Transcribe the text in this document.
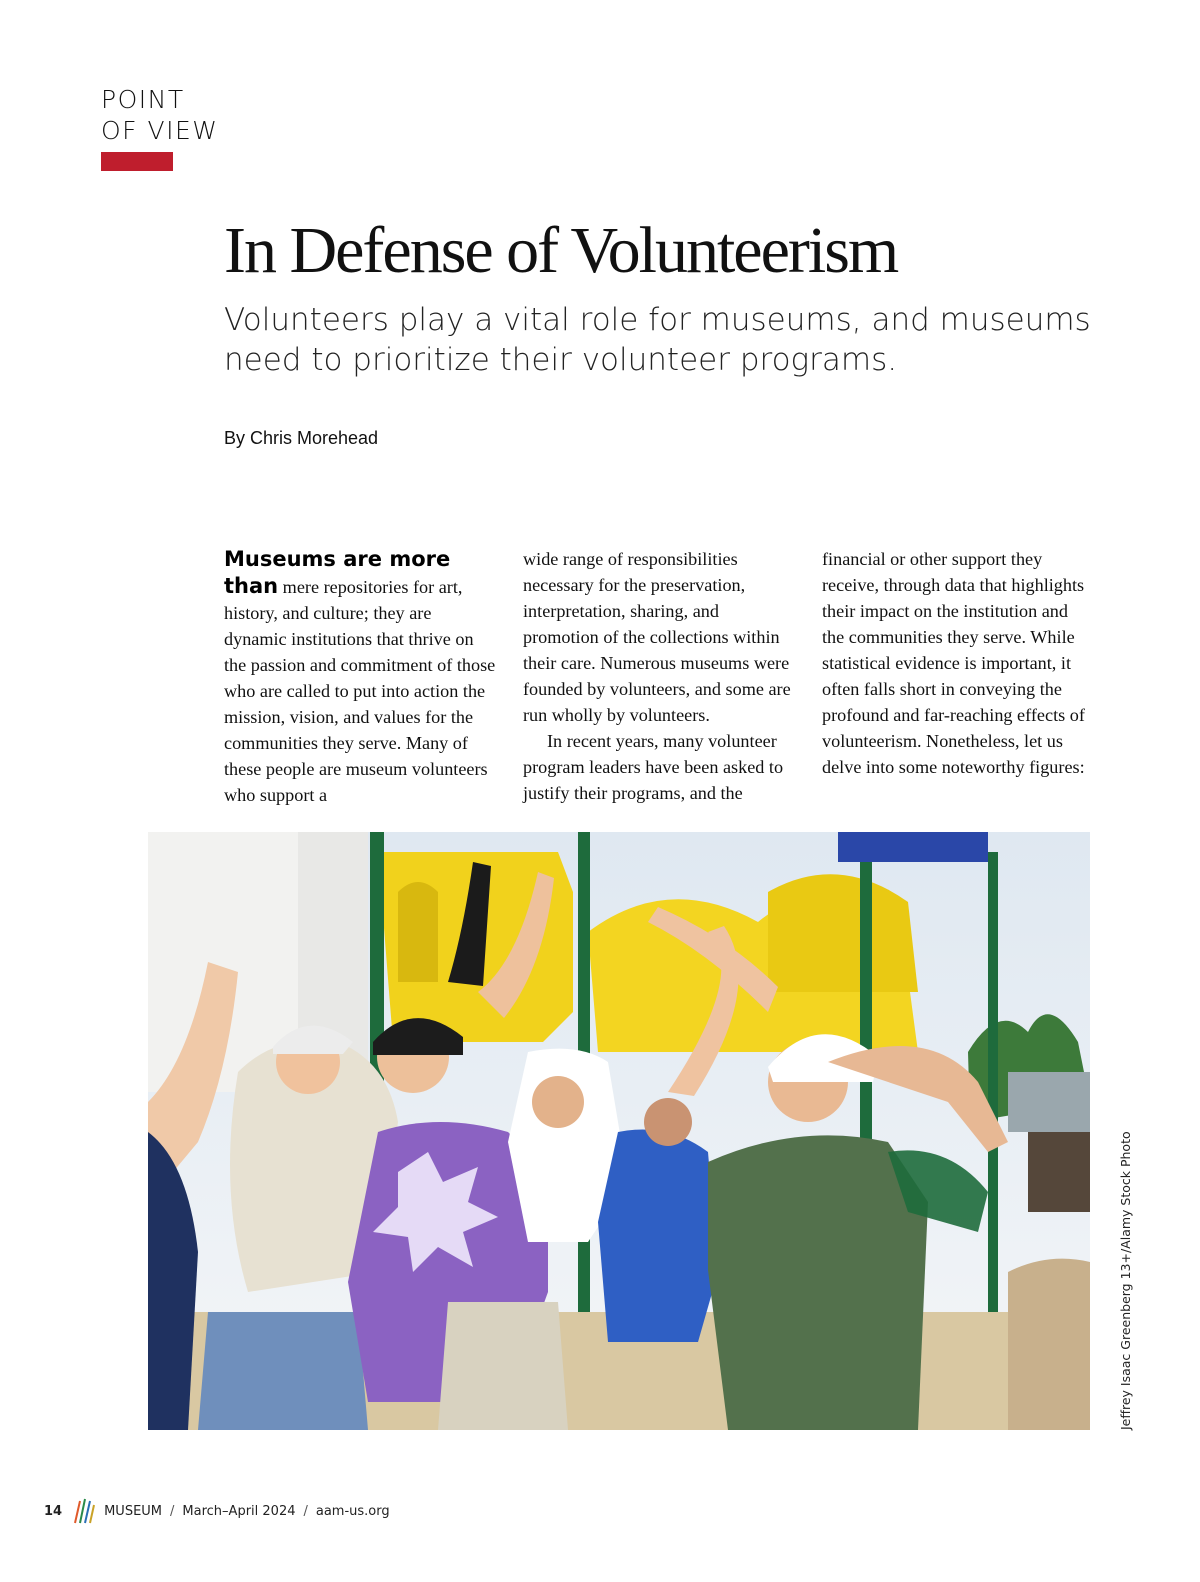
POINT
OF VIEW
In Defense of Volunteerism

Volunteers play a vital role for museums, and museums need to prioritize their volunteer programs.

By Chris Morehead

Museums are more than mere repositories for art, history, and culture; they are dynamic institutions that thrive on the passion and commitment of those who are called to put into action the mission, vision, and values for the communities they serve. Many of these people are museum volunteers who support a

wide range of responsibilities necessary for the preservation, interpretation, sharing, and promotion of the collections within their care. Numerous museums were founded by volunteers, and some are run wholly by volunteers.

In recent years, many volunteer program leaders have been asked to justify their programs, and the

financial or other support they receive, through data that highlights their impact on the institution and the communities they serve. While statistical evidence is important, it often falls short in conveying the profound and far-reaching effects of volunteerism. Nonetheless, let us delve into some noteworthy figures:

Jeffrey Isaac Greenberg 13+/Alamy Stock Photo
14	MUSEUM / March–April 2024 / aam-us.org
